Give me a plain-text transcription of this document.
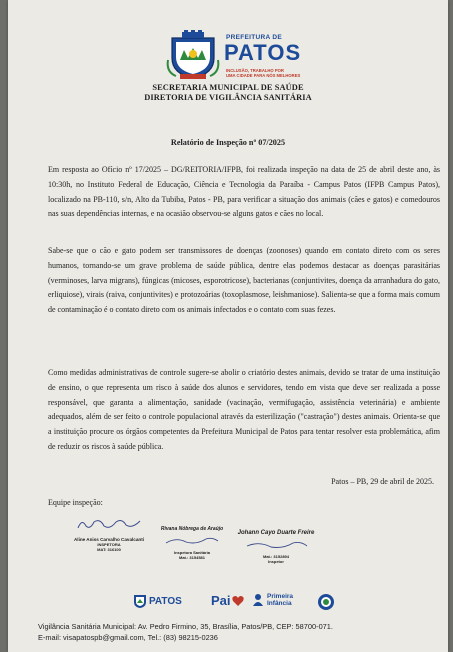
PREFEITURA DE
PATOS
INCLUSÃO, TRABALHO POR
UMA CIDADE PARA NÓS MELHORES
SECRETARIA MUNICIPAL DE SAÚDE
DIRETORIA DE VIGILÂNCIA SANITÁRIA
Relatório de Inspeção nº 07/2025

Em resposta ao Ofício nº 17/2025 – DG/REITORIA/IFPB, foi realizada inspeção na data de 25 de abril deste ano, às 10:30h, no Instituto Federal de Educação, Ciência e Tecnologia da Paraíba - Campus Patos (IFPB Campus Patos), localizado na PB-110, s/n, Alto da Tubiba, Patos - PB, para verificar a situação dos animais (cães e gatos) e comedouros nas suas dependências internas, e na ocasião observou-se alguns gatos e cães no local.

Sabe-se que o cão e gato podem ser transmissores de doenças (zoonoses) quando em contato direto com os seres humanos, tornando-se um grave problema de saúde pública, dentre elas podemos destacar as doenças parasitárias (verminoses, larva migrans), fúngicas (micoses, esporotricose), bacterianas (conjuntivites, doença da arranhadura do gato, erliquiose), virais (raiva, conjuntivites) e protozoárias (toxoplasmose, leishmaniose). Salienta-se que a forma mais comum de contaminação é o contato direto com os animais infectados e o contato com suas fezes.

Como medidas administrativas de controle sugere-se abolir o criatório destes animais, devido se tratar de uma instituição de ensino, o que representa um risco à saúde dos alunos e servidores, tendo em vista que deve ser realizada a posse responsável, que garanta a alimentação, sanidade (vacinação, vermifugação, assistência veterinária) e ambiente adequados, além de ser feito o controle populacional através da esterilização ("castração") destes animais. Orienta-se que a instituição procure os órgãos competentes da Prefeitura Municipal de Patos para tentar resolver esta problemática, afim de reduzir os riscos à saúde pública.

Patos – PB, 29 de abril de 2025.
Equipe inspeção:
Aline Aniss Carvalho Cavalcanti
INSPETORA
MAT: 316100
Rivana Nóbrega de Araújo
Inspetora Sanitária
Mat.: 3154581
Johann Cayo Duarte Freire
Mat.: 3152894
Inspetor
PATOS Pai	Primeira Infância
Vigilância Sanitária Municipal: Av. Pedro Firmino, 35, Brasília, Patos/PB, CEP: 58700-071.
E-mail: visapatospb@gmail.com, Tel.: (83) 98215-0236
